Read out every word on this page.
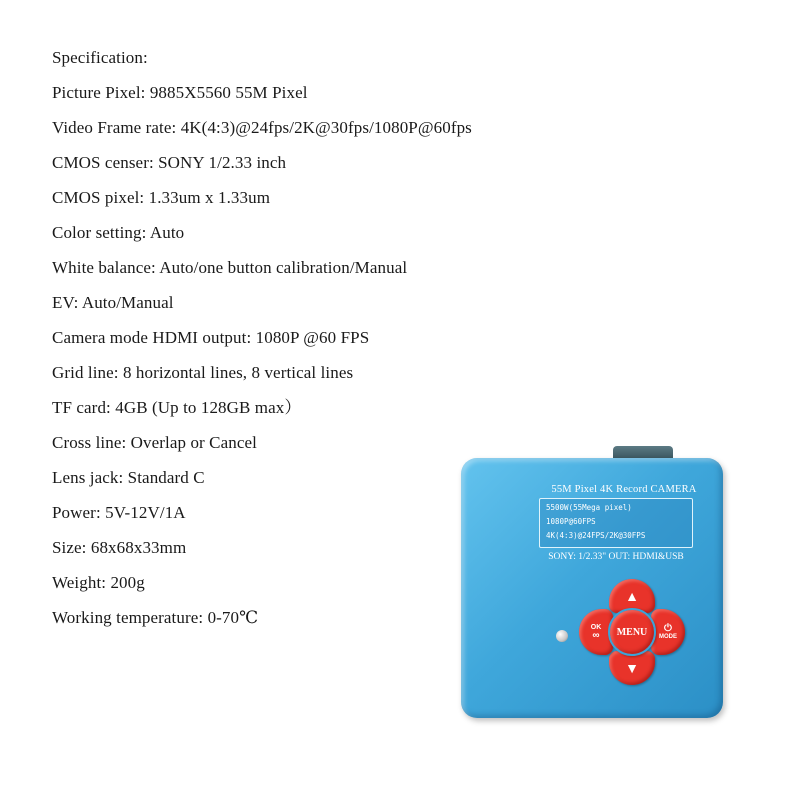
Specification:
Picture Pixel: 9885X5560 55M Pixel
Video Frame rate: 4K(4:3)@24fps/2K@30fps/1080P@60fps
CMOS censer: SONY 1/2.33 inch
CMOS pixel: 1.33um x 1.33um
Color setting: Auto
White balance: Auto/one button calibration/Manual
EV: Auto/Manual
Camera mode HDMI output: 1080P @60 FPS
Grid line: 8 horizontal lines, 8 vertical lines
TF card: 4GB (Up to 128GB max）
Cross line: Overlap or Cancel
Lens jack: Standard C
Power: 5V-12V/1A
Size: 68x68x33mm
Weight: 200g
Working temperature: 0-70℃
55M Pixel 4K Record CAMERA
5500W(55Mega pixel)
1080P@60FPS
4K(4:3)@24FPS/2K@30FPS
SONY: 1/2.33" OUT: HDMI&USB
▲
▼
OK
∞
⏻
MODE
MENU
